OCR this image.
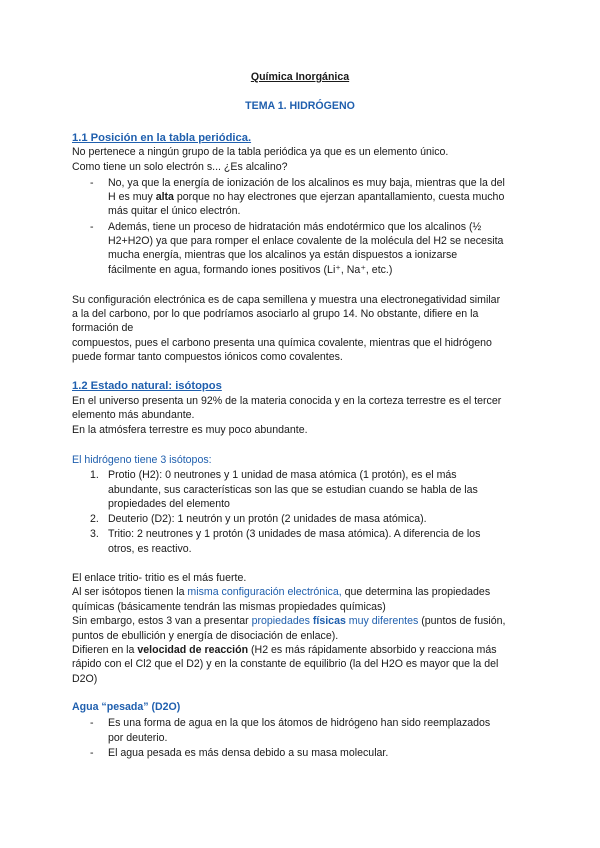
Química Inorgánica
TEMA 1. HIDRÓGENO
1.1 Posición en la tabla periódica.
No pertenece a ningún grupo de la tabla periódica ya que es un elemento único.
Como tiene un solo electrón s... ¿Es alcalino?
- No, ya que la energía de ionización de los alcalinos es muy baja, mientras que la del
H es muy alta porque no hay electrones que ejerzan apantallamiento, cuesta mucho
más quitar el único electrón.
- Además, tiene un proceso de hidratación más endotérmico que los alcalinos (½
H2+H2O) ya que para romper el enlace covalente de la molécula del H2 se necesita
mucha energía, mientras que los alcalinos ya están dispuestos a ionizarse
fácilmente en agua, formando iones positivos (Li⁺, Na⁺, etc.)
Su configuración electrónica es de capa semillena y muestra una electronegatividad similar
a la del carbono, por lo que podríamos asociarlo al grupo 14. No obstante, difiere en la
formación de
compuestos, pues el carbono presenta una química covalente, mientras que el hidrógeno
puede formar tanto compuestos iónicos como covalentes.
1.2 Estado natural: isótopos
En el universo presenta un 92% de la materia conocida y en la corteza terrestre es el tercer
elemento más abundante.
En la atmósfera terrestre es muy poco abundante.
El hidrógeno tiene 3 isótopos:
1. Protio (H2): 0 neutrones y 1 unidad de masa atómica (1 protón), es el más
abundante, sus características son las que se estudian cuando se habla de las
propiedades del elemento
2. Deuterio (D2): 1 neutrón y un protón (2 unidades de masa atómica).
3. Tritio: 2 neutrones y 1 protón (3 unidades de masa atómica). A diferencia de los
otros, es reactivo.
El enlace tritio- tritio es el más fuerte.
Al ser isótopos tienen la misma configuración electrónica, que determina las propiedades
químicas (básicamente tendrán las mismas propiedades químicas)
Sin embargo, estos 3 van a presentar propiedades físicas muy diferentes (puntos de fusión,
puntos de ebullición y energía de disociación de enlace).
Difieren en la velocidad de reacción (H2 es más rápidamente absorbido y reacciona más
rápido con el Cl2 que el D2) y en la constante de equilibrio (la del H2O es mayor que la del
D2O)
Agua “pesada” (D2O)
- Es una forma de agua en la que los átomos de hidrógeno han sido reemplazados
por deuterio.
- El agua pesada es más densa debido a su masa molecular.
